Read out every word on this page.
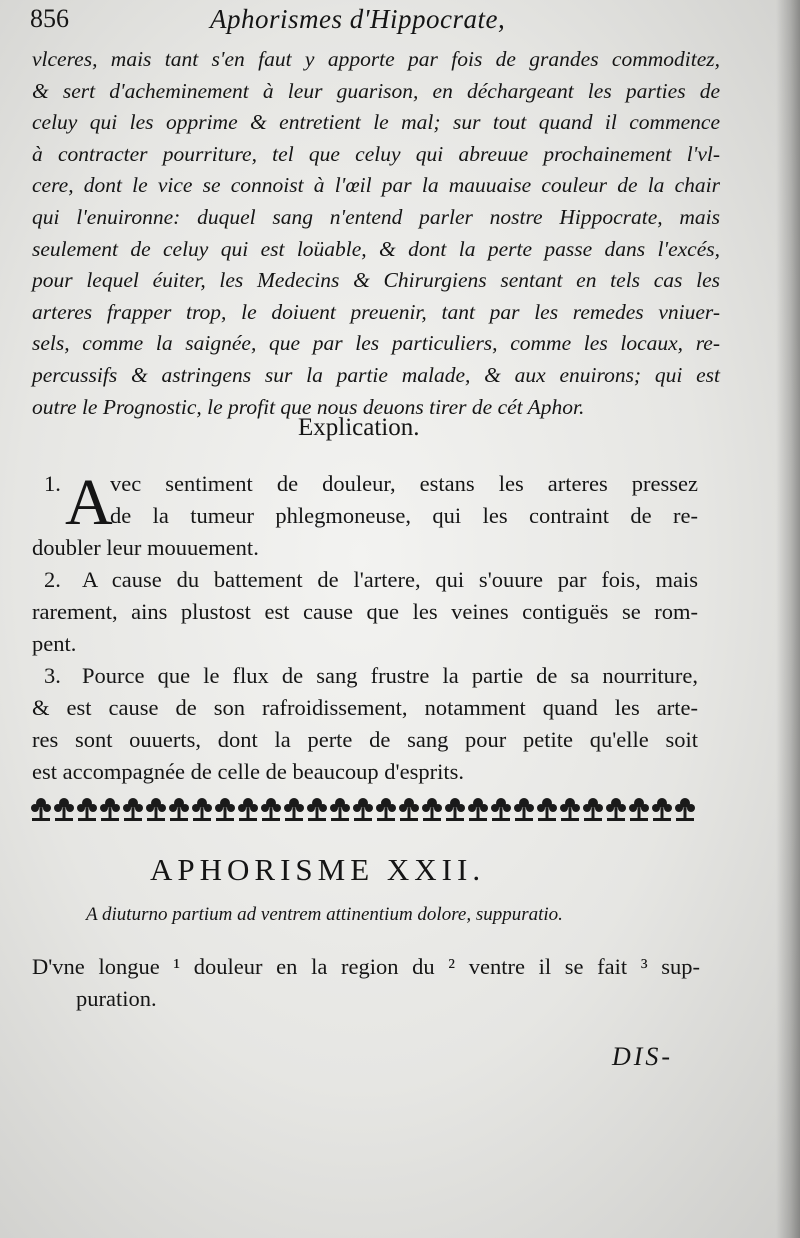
856	Aphorismes d'Hippocrate,
vlceres, mais tant s'en faut y apporte par fois de grandes commoditez,
& sert d'acheminement à leur guarison, en déchargeant les parties de
celuy qui les opprime & entretient le mal; sur tout quand il commence
à contracter pourriture, tel que celuy qui abreuue prochainement l'vl-
cere, dont le vice se connoist à l'œil par la mauuaise couleur de la chair
qui l'enuironne: duquel sang n'entend parler nostre Hippocrate, mais
seulement de celuy qui est loüable, & dont la perte passe dans l'excés,
pour lequel éuiter, les Medecins & Chirurgiens sentant en tels cas les
arteres frapper trop, le doiuent preuenir, tant par les remedes vniuer-
sels, comme la saignée, que par les particuliers, comme les locaux, re-
percussifs & astringens sur la partie malade, & aux enuirons; qui est
outre le Prognostic, le profit que nous deuons tirer de cét Aphor.
Explication.
A
1. vec sentiment de douleur, estans les arteres pressez
de la tumeur phlegmoneuse, qui les contraint de re-
doubler leur mouuement.
2. A cause du battement de l'artere, qui s'ouure par fois, mais
rarement, ains plustost est cause que les veines contiguës se rom-
pent.
3. Pource que le flux de sang frustre la partie de sa nourriture,
& est cause de son rafroidissement, notamment quand les arte-
res sont ouuerts, dont la perte de sang pour petite qu'elle soit
est accompagnée de celle de beaucoup d'esprits.
APHORISME XXII.
A diuturno partium ad ventrem attinentium dolore, suppuratio.
D'vne longue ¹ douleur en la region du ² ventre il se fait ³ sup-
puration.
DIS-
